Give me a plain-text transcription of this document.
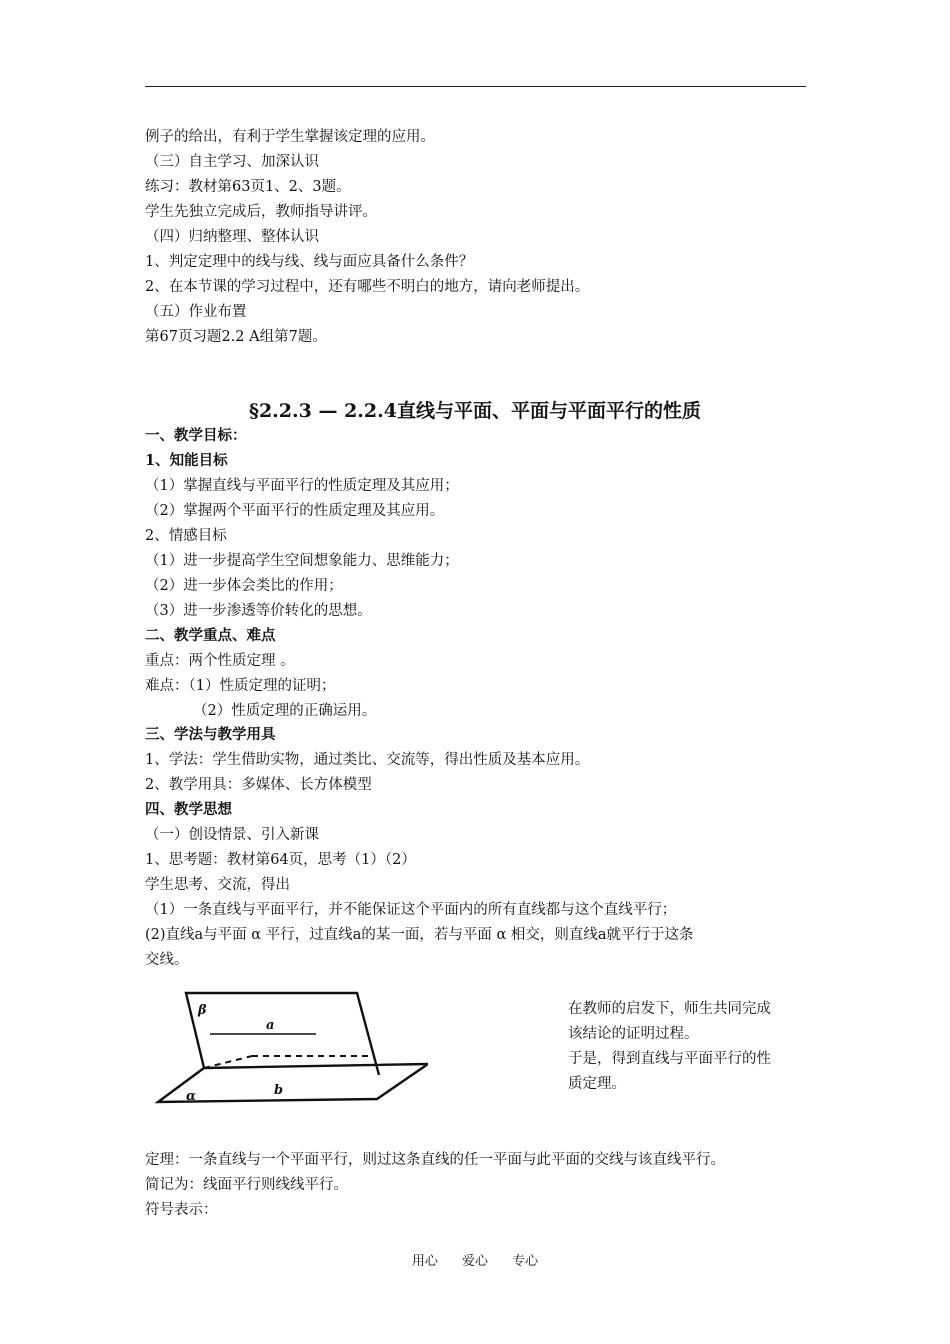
例子的给出，有利于学生掌握该定理的应用。
（三）自主学习、加深认识
练习：教材第63页1、2、3题。
学生先独立完成后，教师指导讲评。
（四）归纳整理、整体认识
1、判定定理中的线与线、线与面应具备什么条件？
2、在本节课的学习过程中，还有哪些不明白的地方，请向老师提出。
（五）作业布置
第67页习题2.2 A组第7题。
§2.2.3 — 2.2.4直线与平面、平面与平面平行的性质
一、教学目标：
1、知能目标
（1）掌握直线与平面平行的性质定理及其应用；
（2）掌握两个平面平行的性质定理及其应用。
2、情感目标
（1）进一步提高学生空间想象能力、思维能力；
（2）进一步体会类比的作用；
（3）进一步渗透等价转化的思想。
二、教学重点、难点
重点：两个性质定理 。
难点：（1）性质定理的证明；
（2）性质定理的正确运用。
三、学法与教学用具
1、学法：学生借助实物，通过类比、交流等，得出性质及基本应用。
2、教学用具：多媒体、长方体模型
四、教学思想
（一）创设情景、引入新课
1、思考题：教材第64页，思考（1）（2）
学生思考、交流，得出
（1）一条直线与平面平行，并不能保证这个平面内的所有直线都与这个直线平行；
(2)直线a与平面 α 平行，过直线a的某一面，若与平面 α 相交，则直线a就平行于这条
交线。
β
a
b
α
在教师的启发下，师生共同完成
该结论的证明过程。
于是，得到直线与平面平行的性
质定理。
定理：一条直线与一个平面平行，则过这条直线的任一平面与此平面的交线与该直线平行。
简记为：线面平行则线线平行。
符号表示：
用心 爱心 专心
